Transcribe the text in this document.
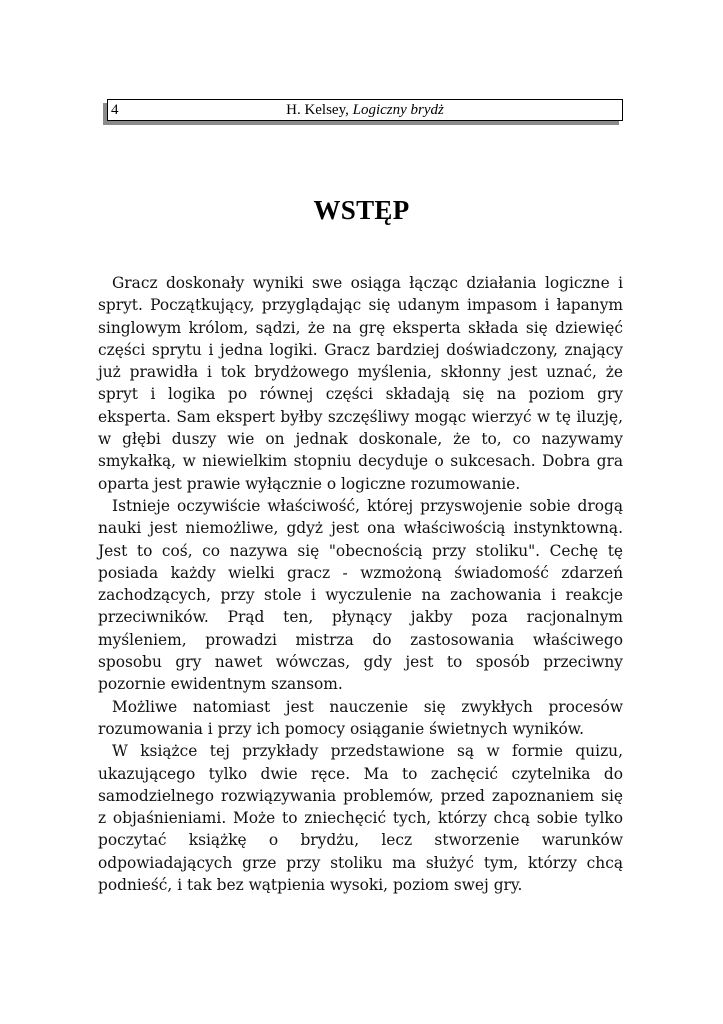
4	H. Kelsey, Logiczny brydż
WSTĘP

Gracz doskonały wyniki swe osiąga łącząc działania logiczne i spryt. Początkujący, przyglądając się udanym impasom i łapanym singlowym królom, sądzi, że na grę eksperta składa się dziewięć części sprytu i jedna logiki. Gracz bardziej doświadczony, znający już prawidła i tok brydżowego myślenia, skłonny jest uznać, że spryt i logika po równej części składają się na poziom gry eksperta. Sam ekspert byłby szczęśliwy mogąc wierzyć w tę iluzję, w głębi duszy wie on jednak doskonale, że to, co nazywamy smykałką, w niewielkim stopniu decyduje o sukcesach. Dobra gra oparta jest prawie wyłącznie o logiczne rozumowanie.

Istnieje oczywiście właściwość, której przyswojenie sobie drogą nauki jest niemożliwe, gdyż jest ona właściwością instynktowną. Jest to coś, co nazywa się "obecnością przy stoliku". Cechę tę posiada każdy wielki gracz - wzmożoną świadomość zdarzeń zachodzących, przy stole i wyczulenie na zachowania i reakcje przeciwników. Prąd ten, płynący jakby poza racjonalnym myśleniem, prowadzi mistrza do zastosowania właściwego sposobu gry nawet wówczas, gdy jest to sposób przeciwny pozornie ewidentnym szansom.

Możliwe natomiast jest nauczenie się zwykłych procesów rozumowania i przy ich pomocy osiąganie świetnych wyników.

W książce tej przykłady przedstawione są w formie quizu, ukazującego tylko dwie ręce. Ma to zachęcić czytelnika do samodzielnego rozwiązywania problemów, przed zapoznaniem się z objaśnieniami. Może to zniechęcić tych, którzy chcą sobie tylko poczytać książkę o brydżu, lecz stworzenie warunków odpowiadających grze przy stoliku ma służyć tym, którzy chcą podnieść, i tak bez wątpienia wysoki, poziom swej gry.
